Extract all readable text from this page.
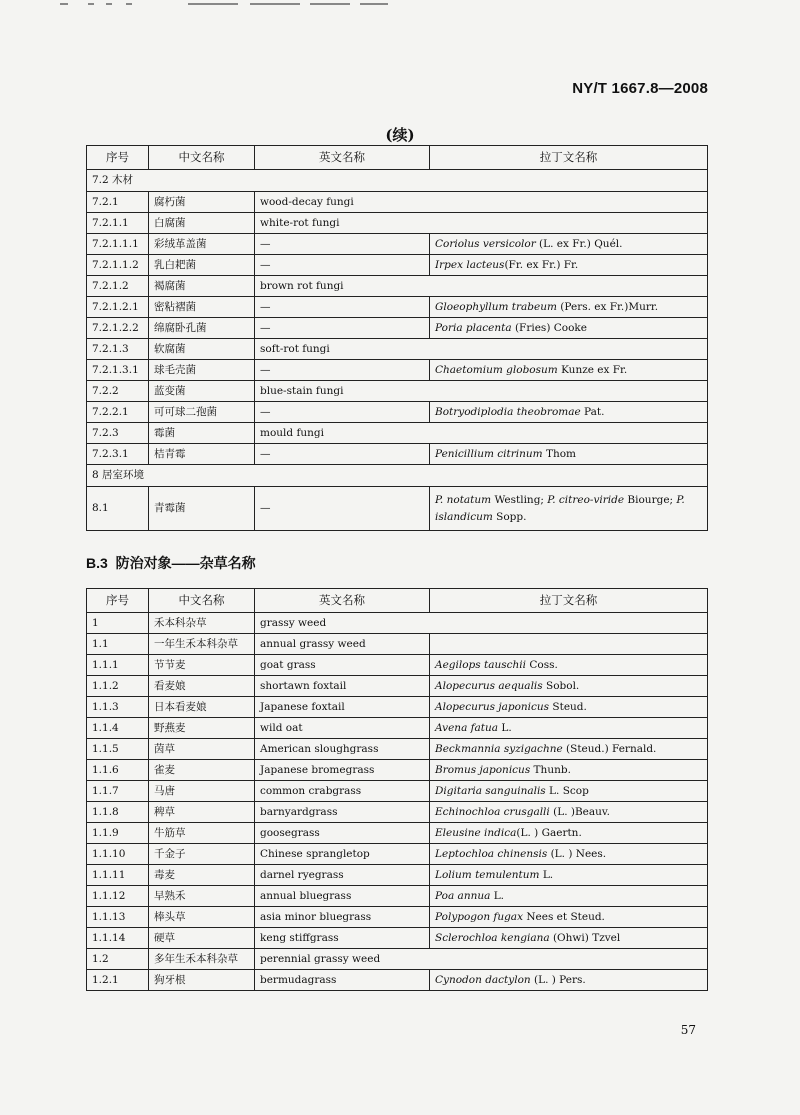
NY/T 1667.8—2008
(续)
序号	中文名称	英文名称	拉丁文名称
7.2 木材			
7.2.1	腐朽菌	wood-decay fungi	
7.2.1.1	白腐菌	white-rot fungi	
7.2.1.1.1	彩绒革盖菌	—	Coriolus versicolor (L. ex Fr.) Quél.
7.2.1.1.2	乳白耙菌	—	Irpex lacteus(Fr. ex Fr.) Fr.
7.2.1.2	褐腐菌	brown rot fungi	
7.2.1.2.1	密粘褶菌	—	Gloeophyllum trabeum (Pers. ex Fr.)Murr.
7.2.1.2.2	绵腐卧孔菌	—	Poria placenta (Fries) Cooke
7.2.1.3	软腐菌	soft-rot fungi	
7.2.1.3.1	球毛壳菌	—	Chaetomium globosum Kunze ex Fr.
7.2.2	蓝变菌	blue-stain fungi	
7.2.2.1	可可球二孢菌	—	Botryodiplodia theobromae Pat.
7.2.3	霉菌	mould fungi	
7.2.3.1	桔青霉	—	Penicillium citrinum Thom
8 居室环境			
8.1	青霉菌	—	P. notatum Westling; P. citreo-viride Biourge; P. islandicum Sopp.
B.3 防治对象——杂草名称
序号	中文名称	英文名称	拉丁文名称
1	禾本科杂草	grassy weed	
1.1	一年生禾本科杂草	annual grassy weed	
1.1.1	节节麦	goat grass	Aegilops tauschii Coss.
1.1.2	看麦娘	shortawn foxtail	Alopecurus aequalis Sobol.
1.1.3	日本看麦娘	Japanese foxtail	Alopecurus japonicus Steud.
1.1.4	野燕麦	wild oat	Avena fatua L.
1.1.5	茵草	American sloughgrass	Beckmannia syzigachne (Steud.) Fernald.
1.1.6	雀麦	Japanese bromegrass	Bromus japonicus Thunb.
1.1.7	马唐	common crabgrass	Digitaria sanguinalis L. Scop
1.1.8	稗草	barnyardgrass	Echinochloa crusgalli (L. )Beauv.
1.1.9	牛筋草	goosegrass	Eleusine indica(L. ) Gaertn.
1.1.10	千金子	Chinese sprangletop	Leptochloa chinensis (L. ) Nees.
1.1.11	毒麦	darnel ryegrass	Lolium temulentum L.
1.1.12	早熟禾	annual bluegrass	Poa annua L.
1.1.13	棒头草	asia minor bluegrass	Polypogon fugax Nees et Steud.
1.1.14	硬草	keng stiffgrass	Sclerochloa kengiana (Ohwi) Tzvel
1.2	多年生禾本科杂草	perennial grassy weed	
1.2.1	狗牙根	bermudagrass	Cynodon dactylon (L. ) Pers.
57
